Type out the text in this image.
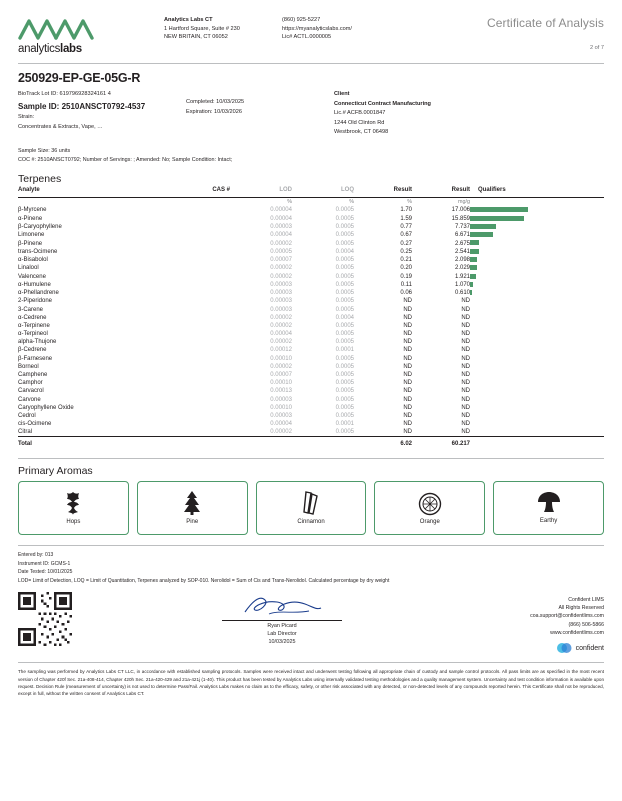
analyticslabs
Analytics Labs CT
1 Hartford Square, Suite # 230
NEW BRITAIN, CT 06052
(860) 925-5227
https://myanalyticslabs.com/
Lic# ACTL.0000005
Certificate of Analysis
2 of 7
250929-EP-GE-05G-R
BioTrack Lot ID: 619796928324161 4
Sample ID: 2510ANSCT0792-4537
Strain:
Concentrates & Extracts, Vape, …
Completed: 10/03/2025
Expiration: 10/03/2026
Client
Connecticut Contract Manufacturing
Lic.# ACFB.0001847
1244 Old Clinton Rd
Westbrook, CT 06498
Sample Size: 36 units
COC #: 2510ANSCT0792; Number of Servings: ; Amended: No; Sample Condition: Intact;
Terpenes
Analyte	CAS #	LOD	LOQ	Result	Result	Qualifiers

		%	%	%	mg/g	
β-Myrcene		0.00004	0.0005	1.70	17.006	
α-Pinene		0.00004	0.0005	1.59	15.859	
β-Caryophyllene		0.00003	0.0005	0.77	7.737	
Limonene		0.00004	0.0005	0.67	6.671	
β-Pinene		0.00002	0.0005	0.27	2.675	
trans-Ocimene		0.00005	0.0004	0.25	2.541	
α-Bisabolol		0.00007	0.0005	0.21	2.098	
Linalool		0.00002	0.0005	0.20	2.029	
Valencene		0.00002	0.0005	0.19	1.921	
α-Humulene		0.00003	0.0005	0.11	1.070	
α-Phellandrene		0.00003	0.0005	0.06	0.610	
2-Piperidone		0.00003	0.0005	ND	ND	
3-Carene		0.00003	0.0005	ND	ND	
α-Cedrene		0.00002	0.0004	ND	ND	
α-Terpinene		0.00002	0.0005	ND	ND	
α-Terpineol		0.00004	0.0005	ND	ND	
alpha-Thujone		0.00002	0.0005	ND	ND	
β-Cedrene		0.00012	0.0001	ND	ND	
β-Farnesene		0.00010	0.0005	ND	ND	
Borneol		0.00002	0.0005	ND	ND	
Camphene		0.00007	0.0005	ND	ND	
Camphor		0.00010	0.0005	ND	ND	
Carvacrol		0.00013	0.0005	ND	ND	
Carvone		0.00003	0.0005	ND	ND	
Caryophyllene Oxide		0.00010	0.0005	ND	ND	
Cedrol		0.00003	0.0005	ND	ND	
cis-Ocimene		0.00004	0.0001	ND	ND	
Citral		0.00002	0.0005	ND	ND	

Total				6.02	60.217	
Primary Aromas
Hops	Pine	Cinnamon	Orange	Earthy
Entered by: 013
Instrument ID: GCMS-1
Date Tested: 10/01/2025
LOD= Limit of Detection, LOQ = Limit of Quantitation, Terpenes analyzed by SOP-010. Nerolidol = Sum of Cis and Trans-Nerolidol. Calculated percentage by dry weight
Ryan Picard
Lab Director
10/03/2025
Confident LIMS
All Rights Reserved
coa.support@confidentlims.com
(866) 506-5866
www.confidentlims.com
confident
The sampling was performed by Analytics Labs CT LLC, in accordance with established sampling protocols. Samples were received intact and underwent testing following all appropriate chain of custody and sample control protocols. All pass limits are as specified in the most recent version of Chapter 420f Sec. 21a-408-414, Chapter 420h Sec. 21a-420-429 and 21a-421j (1-40). This product has been tested by Analytics Labs using internally validated testing methodologies and a quality management system. Uncertainty and test condition information is available upon request. Decision Rule (measurement of uncertainty) is not used to determine Pass/Fail. Analytics Labs makes no claim as to the efficacy, safety, or other risk associated with any detected, or non-detected levels of any compounds reported herein. This Certificate shall not be reproduced, except in full, without the written consent of Analytics Labs CT.
